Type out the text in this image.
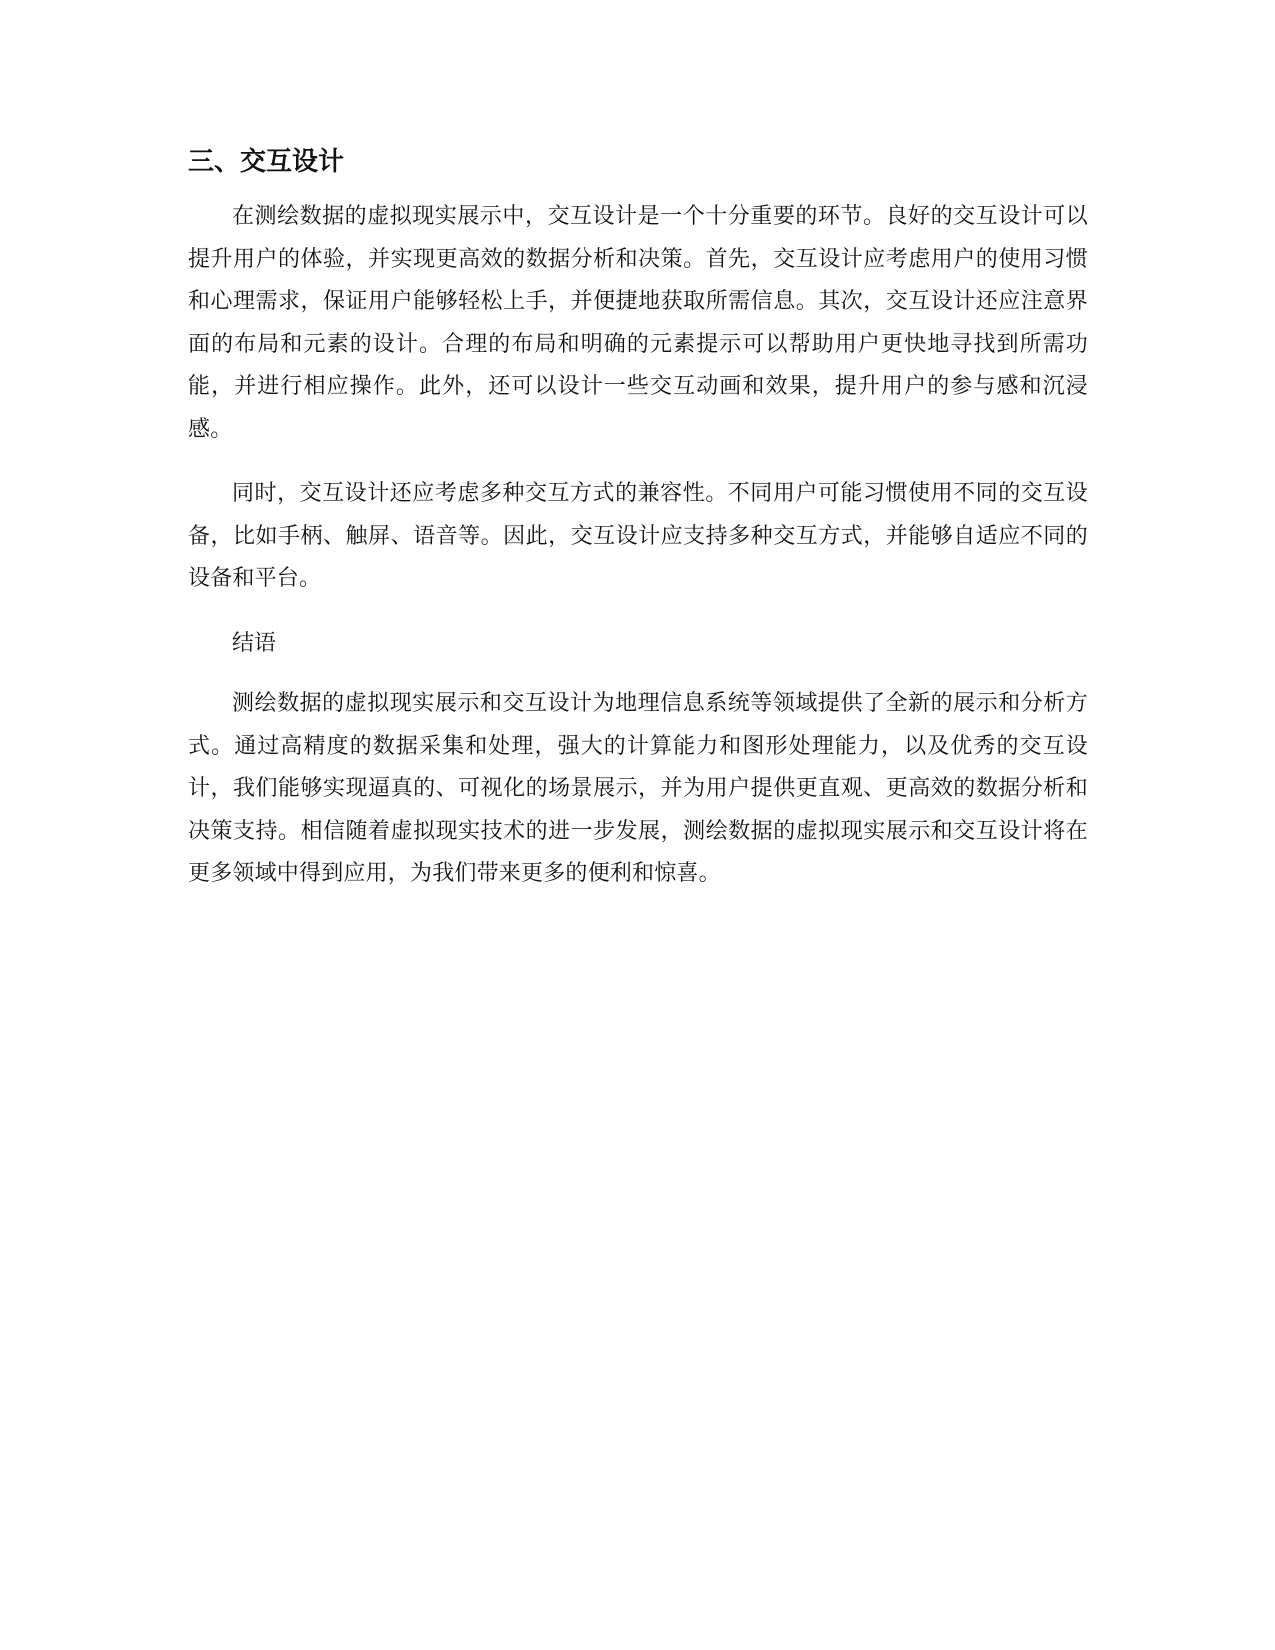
三、交互设计

在测绘数据的虚拟现实展示中，交互设计是一个十分重要的环节。良好的交互设计可以提升用户的体验，并实现更高效的数据分析和决策。首先，交互设计应考虑用户的使用习惯和心理需求，保证用户能够轻松上手，并便捷地获取所需信息。其次，交互设计还应注意界面的布局和元素的设计。合理的布局和明确的元素提示可以帮助用户更快地寻找到所需功能，并进行相应操作。此外，还可以设计一些交互动画和效果，提升用户的参与感和沉浸感。

同时，交互设计还应考虑多种交互方式的兼容性。不同用户可能习惯使用不同的交互设备，比如手柄、触屏、语音等。因此，交互设计应支持多种交互方式，并能够自适应不同的设备和平台。

结语

测绘数据的虚拟现实展示和交互设计为地理信息系统等领域提供了全新的展示和分析方式。通过高精度的数据采集和处理，强大的计算能力和图形处理能力，以及优秀的交互设计，我们能够实现逼真的、可视化的场景展示，并为用户提供更直观、更高效的数据分析和决策支持。相信随着虚拟现实技术的进一步发展，测绘数据的虚拟现实展示和交互设计将在更多领域中得到应用，为我们带来更多的便利和惊喜。
